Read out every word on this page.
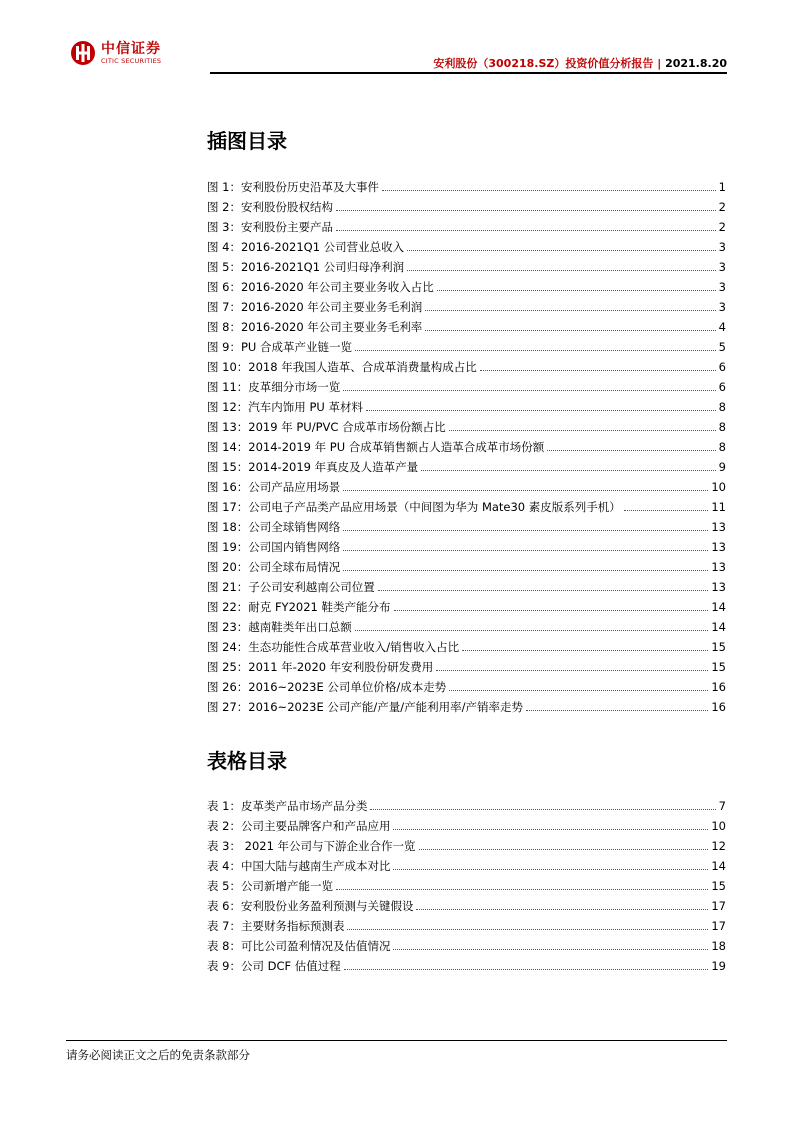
中信证券
CITIC SECURITIES	安利股份（300218.SZ）投资价值分析报告 | 2021.8.20
插图目录
图 1：安利股份历史沿革及大事件	1
图 2：安利股份股权结构	2
图 3：安利股份主要产品	2
图 4：2016-2021Q1 公司营业总收入	3
图 5：2016-2021Q1 公司归母净利润	3
图 6：2016-2020 年公司主要业务收入占比	3
图 7：2016-2020 年公司主要业务毛利润	3
图 8：2016-2020 年公司主要业务毛利率	4
图 9：PU 合成革产业链一览	5
图 10：2018 年我国人造革、合成革消费量构成占比	6
图 11：皮革细分市场一览	6
图 12：汽车内饰用 PU 革材料	8
图 13：2019 年 PU/PVC 合成革市场份额占比	8
图 14：2014-2019 年 PU 合成革销售额占人造革合成革市场份额	8
图 15：2014-2019 年真皮及人造革产量	9
图 16：公司产品应用场景	10
图 17：公司电子产品类产品应用场景（中间图为华为 Mate30 素皮版系列手机）	11
图 18：公司全球销售网络	13
图 19：公司国内销售网络	13
图 20：公司全球布局情况	13
图 21：子公司安利越南公司位置	13
图 22：耐克 FY2021 鞋类产能分布	14
图 23：越南鞋类年出口总额	14
图 24：生态功能性合成革营业收入/销售收入占比	15
图 25：2011 年-2020 年安利股份研发费用	15
图 26：2016~2023E 公司单位价格/成本走势	16
图 27：2016~2023E 公司产能/产量/产能利用率/产销率走势	16
表格目录
表 1：皮革类产品市场产品分类	7
表 2：公司主要品牌客户和产品应用	10
表 3： 2021 年公司与下游企业合作一览	12
表 4：中国大陆与越南生产成本对比	14
表 5：公司新增产能一览	15
表 6：安利股份业务盈利预测与关键假设	17
表 7：主要财务指标预测表	17
表 8：可比公司盈利情况及估值情况	18
表 9：公司 DCF 估值过程	19
请务必阅读正文之后的免责条款部分
